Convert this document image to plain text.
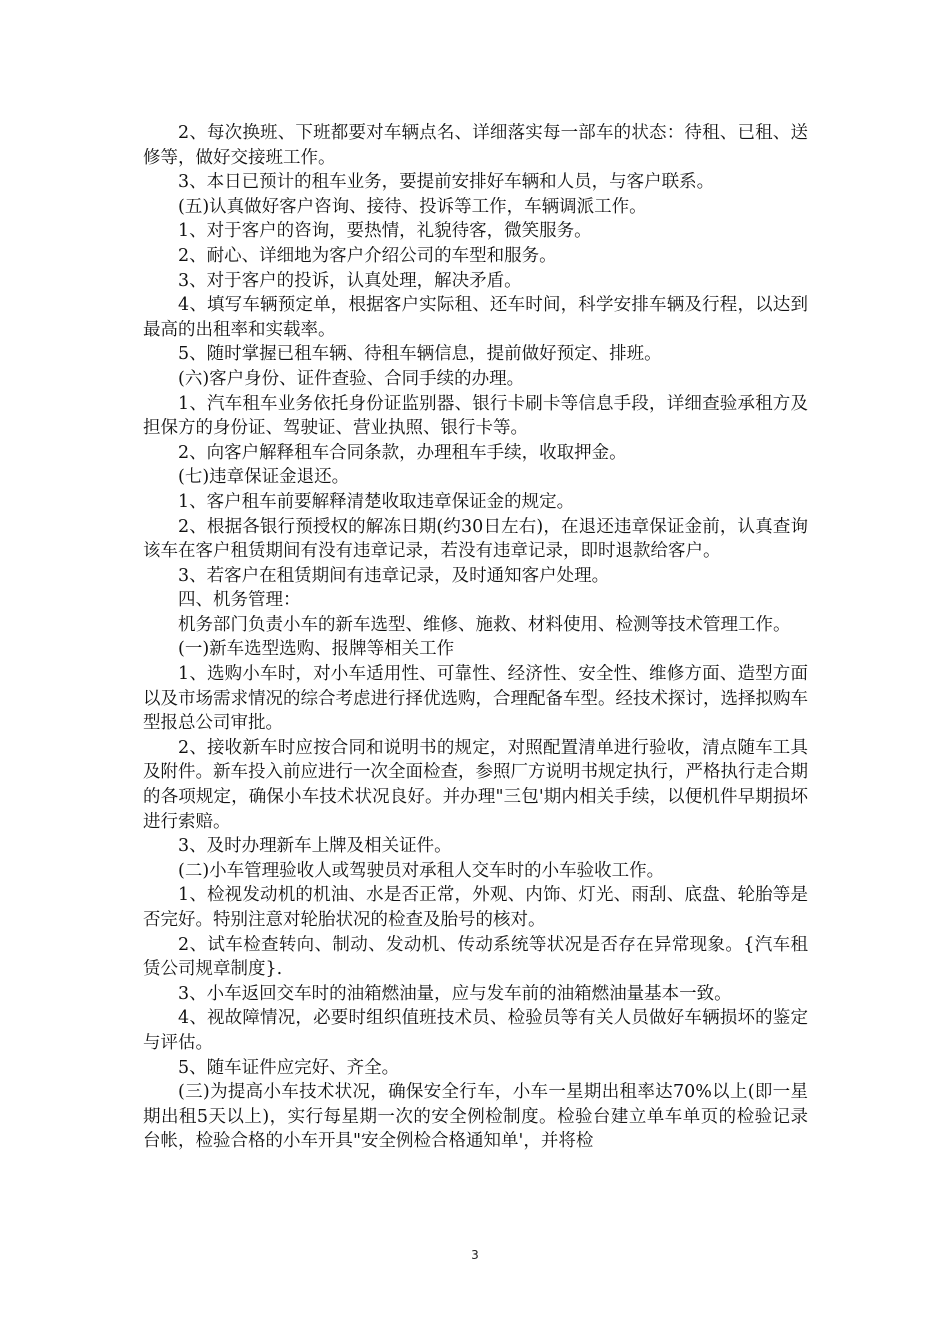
2、每次换班、下班都要对车辆点名、详细落实每一部车的状态：待租、已租、送修等，做好交接班工作。

3、本日已预计的租车业务，要提前安排好车辆和人员，与客户联系。

(五)认真做好客户咨询、接待、投诉等工作，车辆调派工作。

1、对于客户的咨询，要热情，礼貌待客，微笑服务。

2、耐心、详细地为客户介绍公司的车型和服务。

3、对于客户的投诉，认真处理，解决矛盾。

4、填写车辆预定单，根据客户实际租、还车时间，科学安排车辆及行程，以达到最高的出租率和实载率。

5、随时掌握已租车辆、待租车辆信息，提前做好预定、排班。

(六)客户身份、证件查验、合同手续的办理。

1、汽车租车业务依托身份证监别器、银行卡刷卡等信息手段，详细查验承租方及担保方的身份证、驾驶证、营业执照、银行卡等。

2、向客户解释租车合同条款，办理租车手续，收取押金。

(七)违章保证金退还。

1、客户租车前要解释清楚收取违章保证金的规定。

2、根据各银行预授权的解冻日期(约30日左右)，在退还违章保证金前，认真查询该车在客户租赁期间有没有违章记录，若没有违章记录，即时退款给客户。

3、若客户在租赁期间有违章记录，及时通知客户处理。

四、机务管理：

机务部门负责小车的新车选型、维修、施救、材料使用、检测等技术管理工作。

(一)新车选型选购、报牌等相关工作

1、选购小车时，对小车适用性、可靠性、经济性、安全性、维修方面、造型方面以及市场需求情况的综合考虑进行择优选购，合理配备车型。经技术探讨，选择拟购车型报总公司审批。

2、接收新车时应按合同和说明书的规定，对照配置清单进行验收，清点随车工具及附件。新车投入前应进行一次全面检查，参照厂方说明书规定执行，严格执行走合期的各项规定，确保小车技术状况良好。并办理"三包'期内相关手续，以便机件早期损坏进行索赔。

3、及时办理新车上牌及相关证件。

(二)小车管理验收人或驾驶员对承租人交车时的小车验收工作。

1、检视发动机的机油、水是否正常，外观、内饰、灯光、雨刮、底盘、轮胎等是否完好。特别注意对轮胎状况的检查及胎号的核对。

2、试车检查转向、制动、发动机、传动系统等状况是否存在异常现象。{汽车租赁公司规章制度}.

3、小车返回交车时的油箱燃油量，应与发车前的油箱燃油量基本一致。

4、视故障情况，必要时组织值班技术员、检验员等有关人员做好车辆损坏的鉴定与评估。

5、随车证件应完好、齐全。

(三)为提高小车技术状况，确保安全行车，小车一星期出租率达70%以上(即一星期出租5天以上)，实行每星期一次的安全例检制度。检验台建立单车单页的检验记录台帐，检验合格的小车开具"安全例检合格通知单'，并将检

3
